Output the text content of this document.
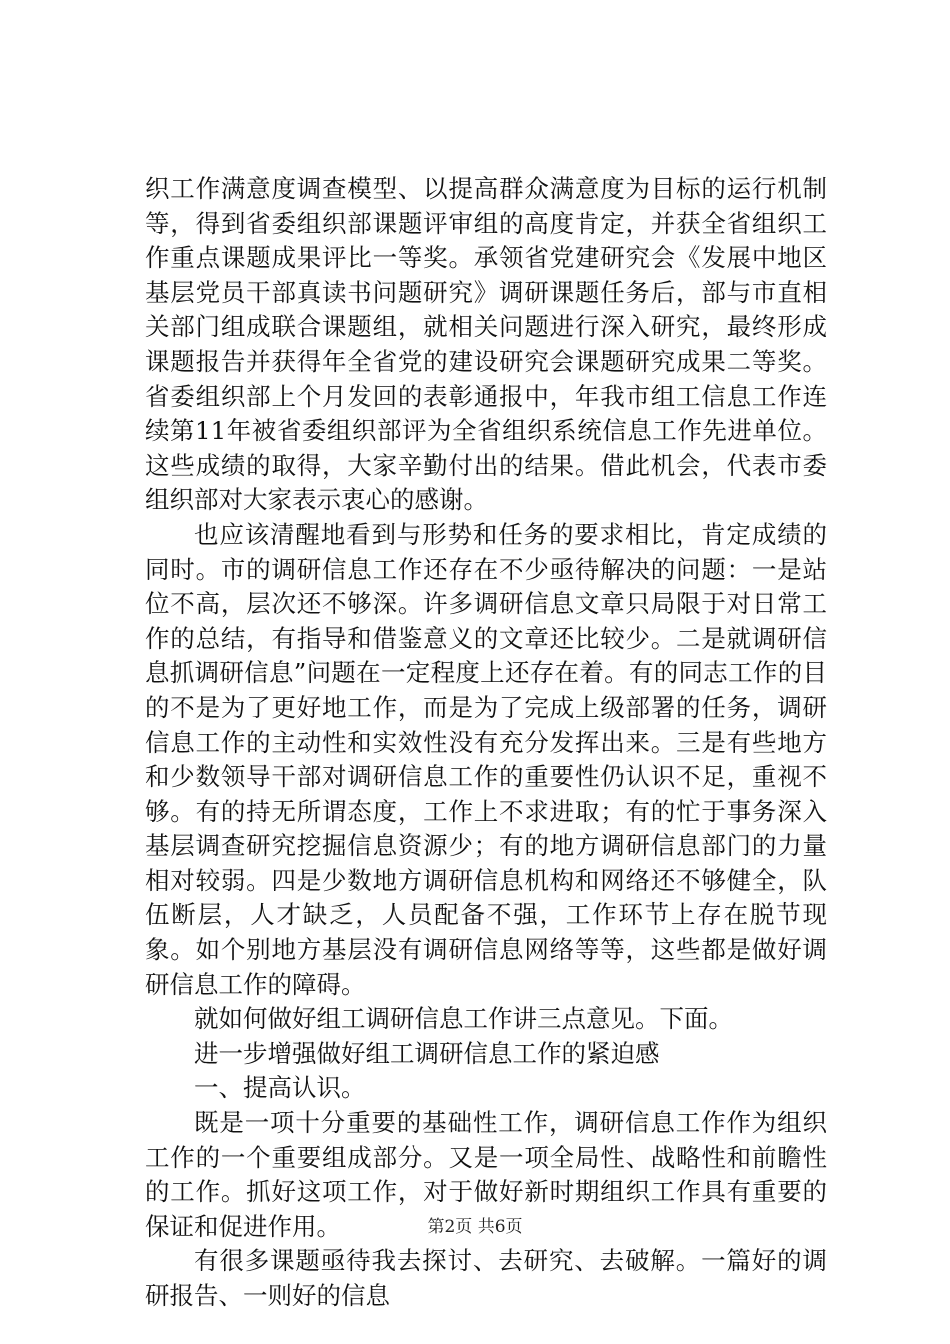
织工作满意度调查模型、以提高群众满意度为目标的运行机制等，得到省委组织部课题评审组的高度肯定，并获全省组织工作重点课题成果评比一等奖。承领省党建研究会《发展中地区基层党员干部真读书问题研究》调研课题任务后，部与市直相关部门组成联合课题组，就相关问题进行深入研究，最终形成课题报告并获得年全省党的建设研究会课题研究成果二等奖。省委组织部上个月发回的表彰通报中，年我市组工信息工作连续第11年被省委组织部评为全省组织系统信息工作先进单位。这些成绩的取得，大家辛勤付出的结果。借此机会，代表市委组织部对大家表示衷心的感谢。

也应该清醒地看到与形势和任务的要求相比，肯定成绩的同时。市的调研信息工作还存在不少亟待解决的问题：一是站位不高，层次还不够深。许多调研信息文章只局限于对日常工作的总结，有指导和借鉴意义的文章还比较少。二是就调研信息抓调研信息”问题在一定程度上还存在着。有的同志工作的目的不是为了更好地工作，而是为了完成上级部署的任务，调研信息工作的主动性和实效性没有充分发挥出来。三是有些地方和少数领导干部对调研信息工作的重要性仍认识不足，重视不够。有的持无所谓态度，工作上不求进取；有的忙于事务深入基层调查研究挖掘信息资源少；有的地方调研信息部门的力量相对较弱。四是少数地方调研信息机构和网络还不够健全，队伍断层，人才缺乏，人员配备不强，工作环节上存在脱节现象。如个别地方基层没有调研信息网络等等，这些都是做好调研信息工作的障碍。

就如何做好组工调研信息工作讲三点意见。下面。

进一步增强做好组工调研信息工作的紧迫感

一、提高认识。

既是一项十分重要的基础性工作，调研信息工作作为组织工作的一个重要组成部分。又是一项全局性、战略性和前瞻性的工作。抓好这项工作，对于做好新时期组织工作具有重要的保证和促进作用。

有很多课题亟待我去探讨、去研究、去破解。一篇好的调研报告、一则好的信息

第2页 共6页
